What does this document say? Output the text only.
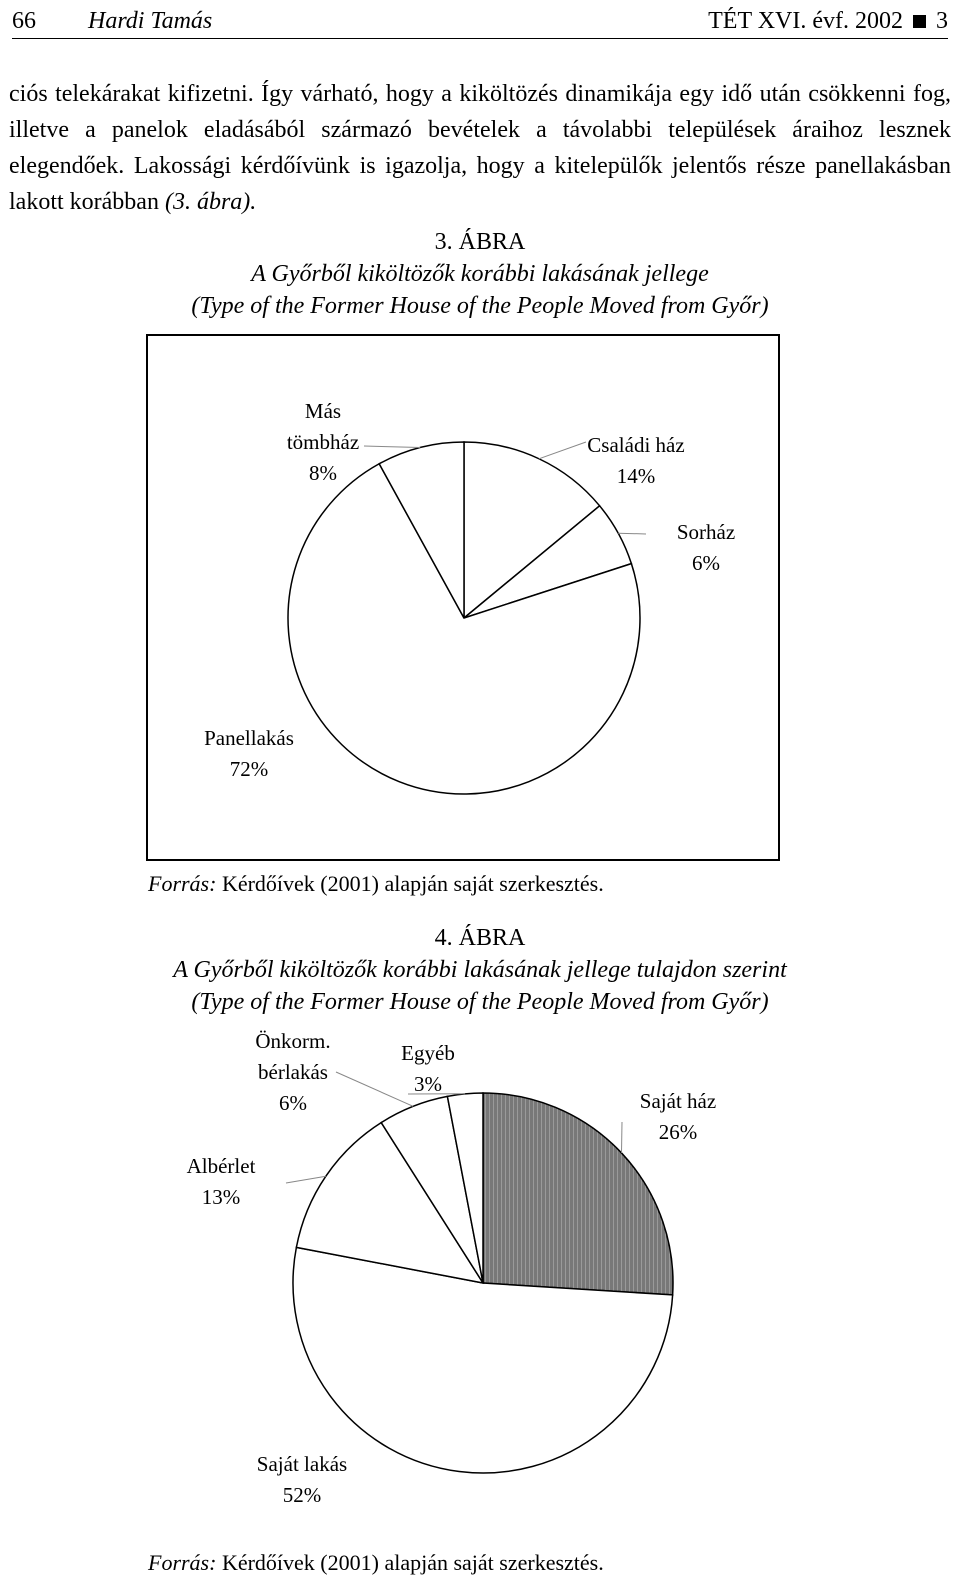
66 Hardi Tamás	TÉT XVI. évf. 2002 3

ciós telekárakat kifizetni. Így várható, hogy a kiköltözés dinamikája egy idő után csökkenni fog, illetve a panelok eladásából származó bevételek a távolabbi települések áraihoz lesznek elegendőek. Lakossági kérdőívünk is igazolja, hogy a kitelepülők jelentős része panellakásban lakott korábban (3. ábra).

3. ÁBRA
A Győrből kiköltözők korábbi lakásának jellege
(Type of the Former House of the People Moved from Győr)
Családi ház 14%
Sorház 6%
Panellakás 72%
Más tömbház 8%
Forrás: Kérdőívek (2001) alapján saját szerkesztés.
4. ÁBRA
A Győrből kiköltözők korábbi lakásának jellege tulajdon szerint
(Type of the Former House of the People Moved from Győr)
Saját ház 26%
Saját lakás 52%
Albérlet 13%
Önkorm. bérlakás 6%
Egyéb 3%
Forrás: Kérdőívek (2001) alapján saját szerkesztés.
